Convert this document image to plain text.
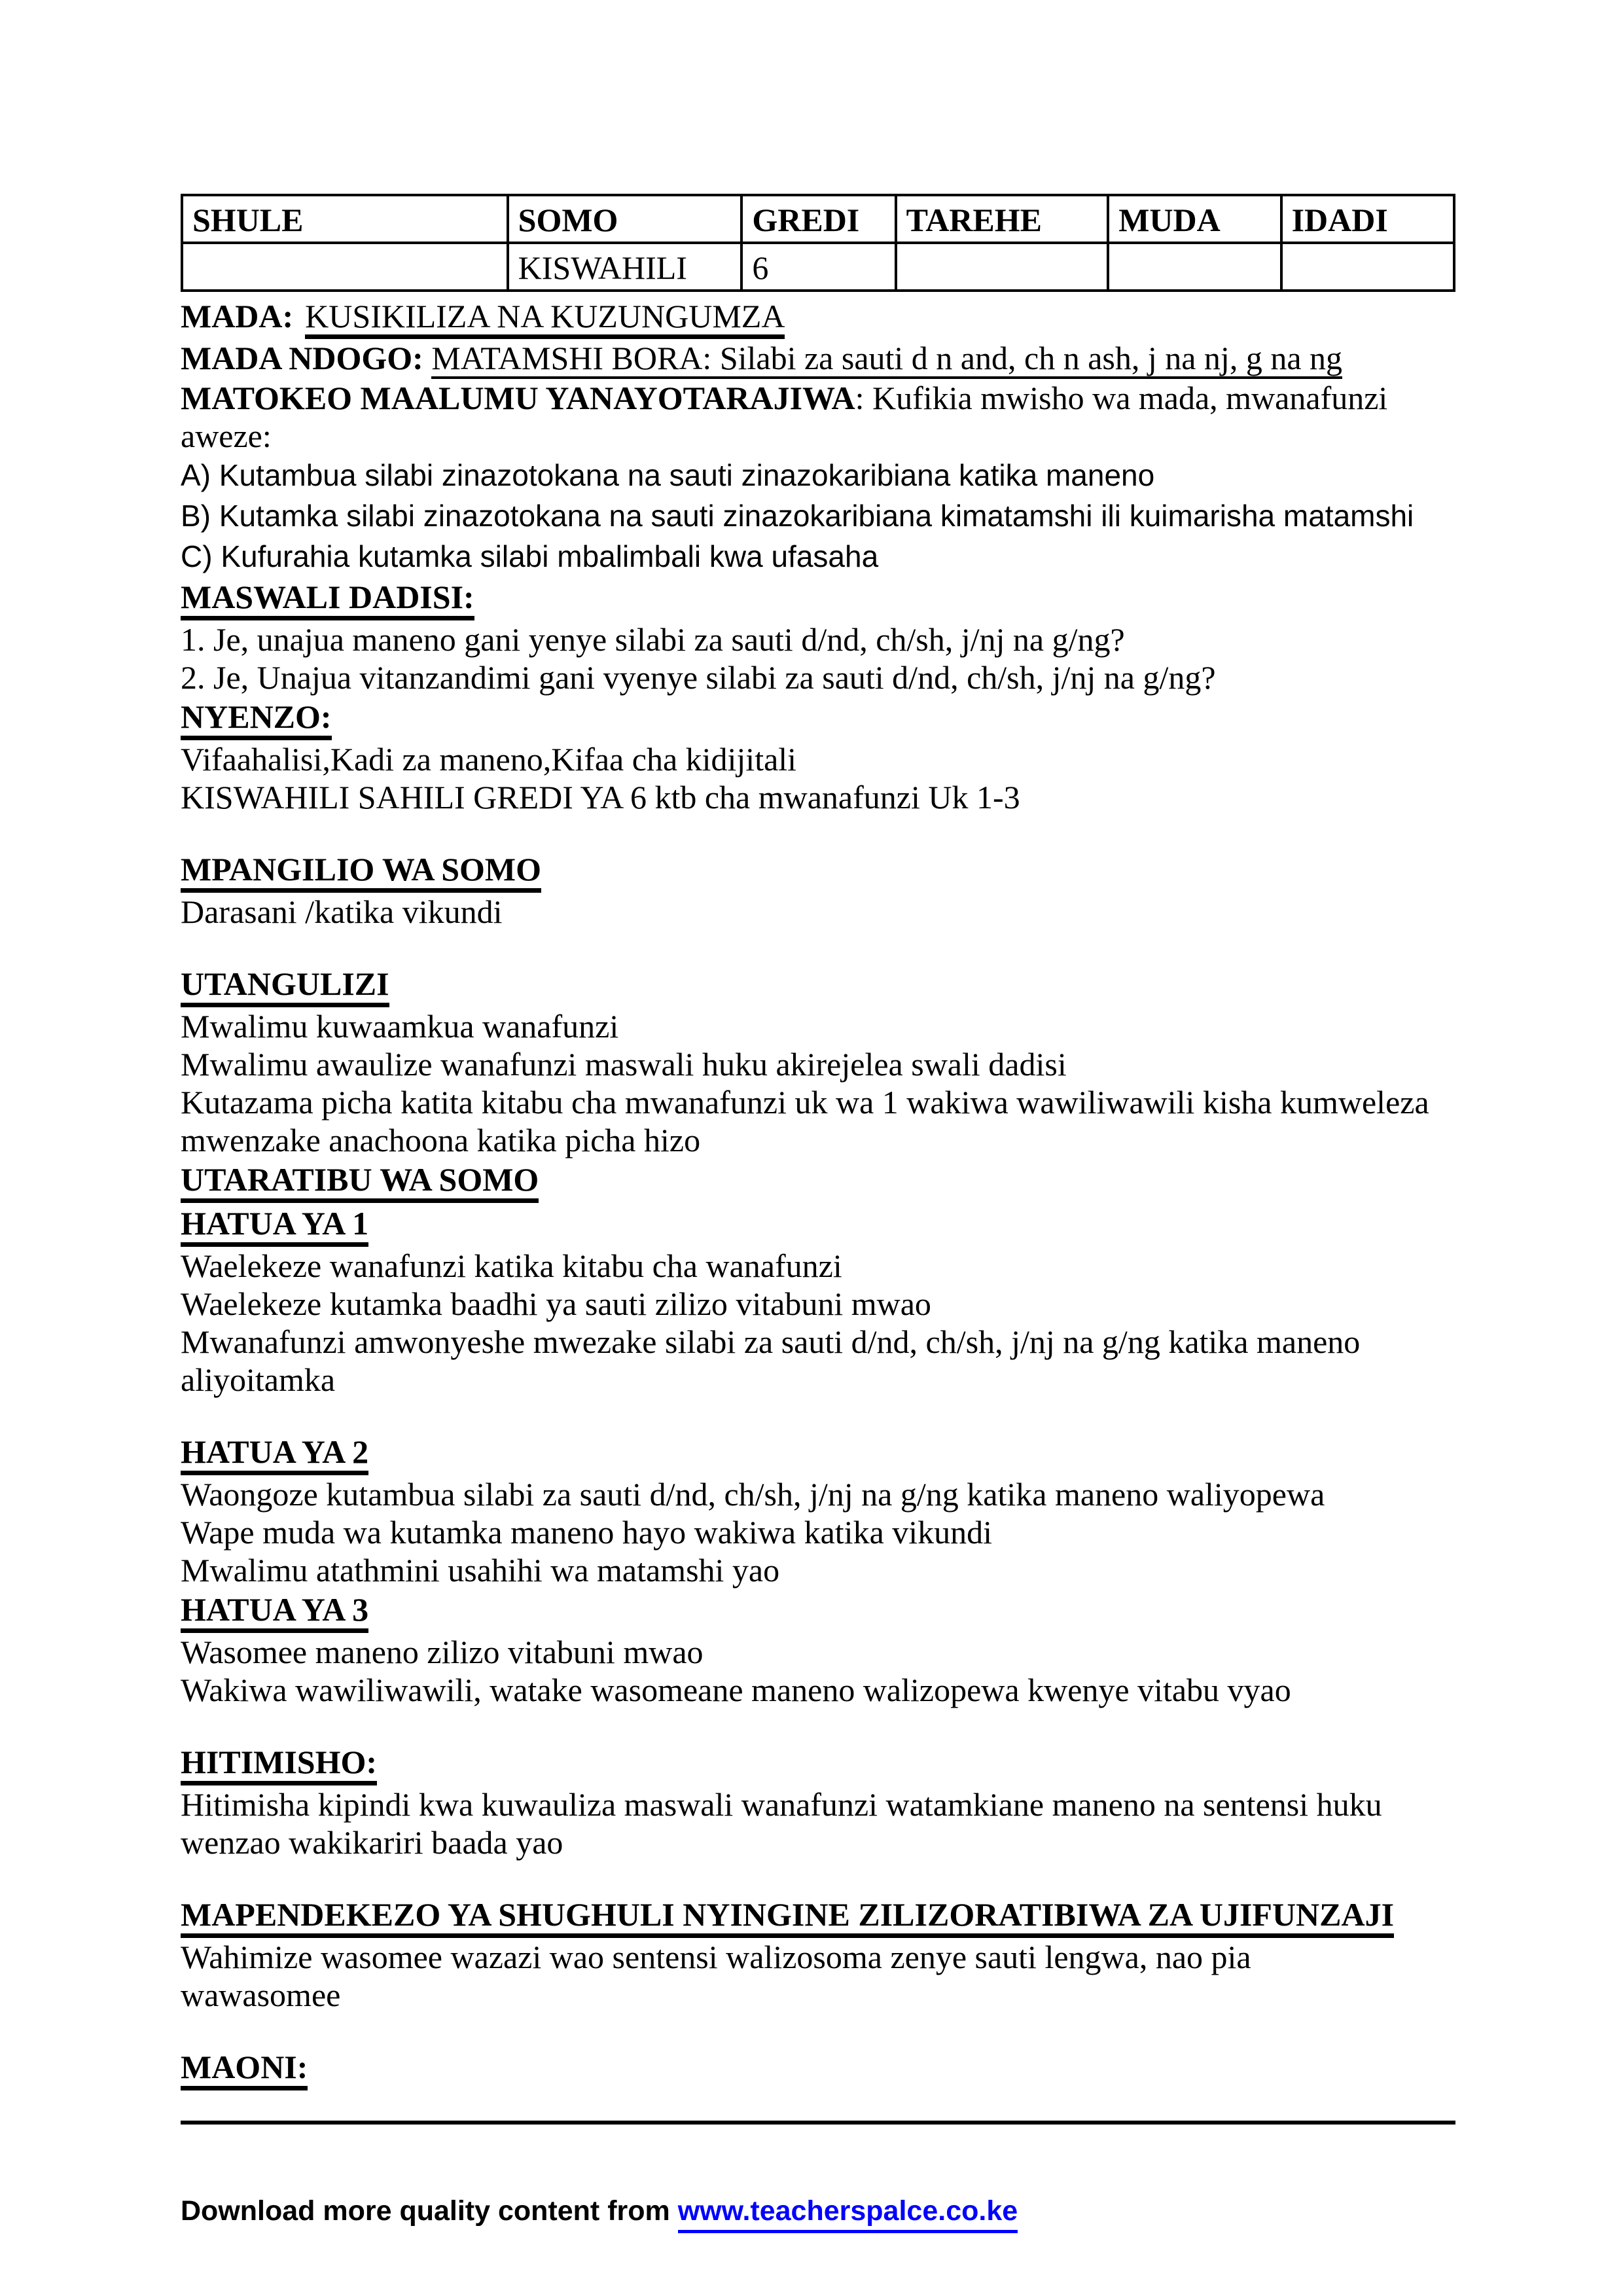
SHULE	SOMO	GREDI	TAREHE	MUDA	IDADI
	KISWAHILI	6			

MADA: KUSIKILIZA NA KUZUNGUMZA

MADA NDOGO: MATAMSHI BORA: Silabi za sauti d n and, ch n ash, j na nj, g na ng

MATOKEO MAALUMU YANAYOTARAJIWA: Kufikia mwisho wa mada, mwanafunzi aweze:

A) Kutambua silabi zinazotokana na sauti zinazokaribiana katika maneno

B) Kutamka silabi zinazotokana na sauti zinazokaribiana kimatamshi ili kuimarisha matamshi

C) Kufurahia kutamka silabi mbalimbali kwa ufasaha

MASWALI DADISI:

1. Je, unajua maneno gani yenye silabi za sauti d/nd, ch/sh, j/nj na g/ng?

2. Je, Unajua vitanzandimi gani vyenye silabi za sauti d/nd, ch/sh, j/nj na g/ng?

NYENZO:

Vifaahalisi,Kadi za maneno,Kifaa cha kidijitali

KISWAHILI SAHILI GREDI YA 6 ktb cha mwanafunzi Uk 1-3

MPANGILIO WA SOMO

Darasani /katika vikundi

UTANGULIZI

Mwalimu kuwaamkua wanafunzi

Mwalimu awaulize wanafunzi maswali huku akirejelea swali dadisi

Kutazama picha katita kitabu cha mwanafunzi uk wa 1 wakiwa wawiliwawili kisha kumweleza mwenzake anachoona katika picha hizo

UTARATIBU WA SOMO

HATUA YA 1

Waelekeze wanafunzi katika kitabu cha wanafunzi

Waelekeze kutamka baadhi ya sauti zilizo vitabuni mwao

Mwanafunzi amwonyeshe mwezake silabi za sauti d/nd, ch/sh, j/nj na g/ng katika maneno aliyoitamka

HATUA YA 2

Waongoze kutambua silabi za sauti d/nd, ch/sh, j/nj na g/ng katika maneno waliyopewa

Wape muda wa kutamka maneno hayo wakiwa katika vikundi

Mwalimu atathmini usahihi wa matamshi yao

HATUA YA 3

Wasomee maneno zilizo vitabuni mwao

Wakiwa wawiliwawili, watake wasomeane maneno walizopewa kwenye vitabu vyao

HITIMISHO:

Hitimisha kipindi kwa kuwauliza maswali wanafunzi watamkiane maneno na sentensi huku wenzao wakikariri baada yao

MAPENDEKEZO YA SHUGHULI NYINGINE ZILIZORATIBIWA ZA UJIFUNZAJI

Wahimize wasomee wazazi wao sentensi walizosoma zenye sauti lengwa, nao pia

wawasomee

MAONI:

Download more quality content from www.teacherspalce.co.ke
